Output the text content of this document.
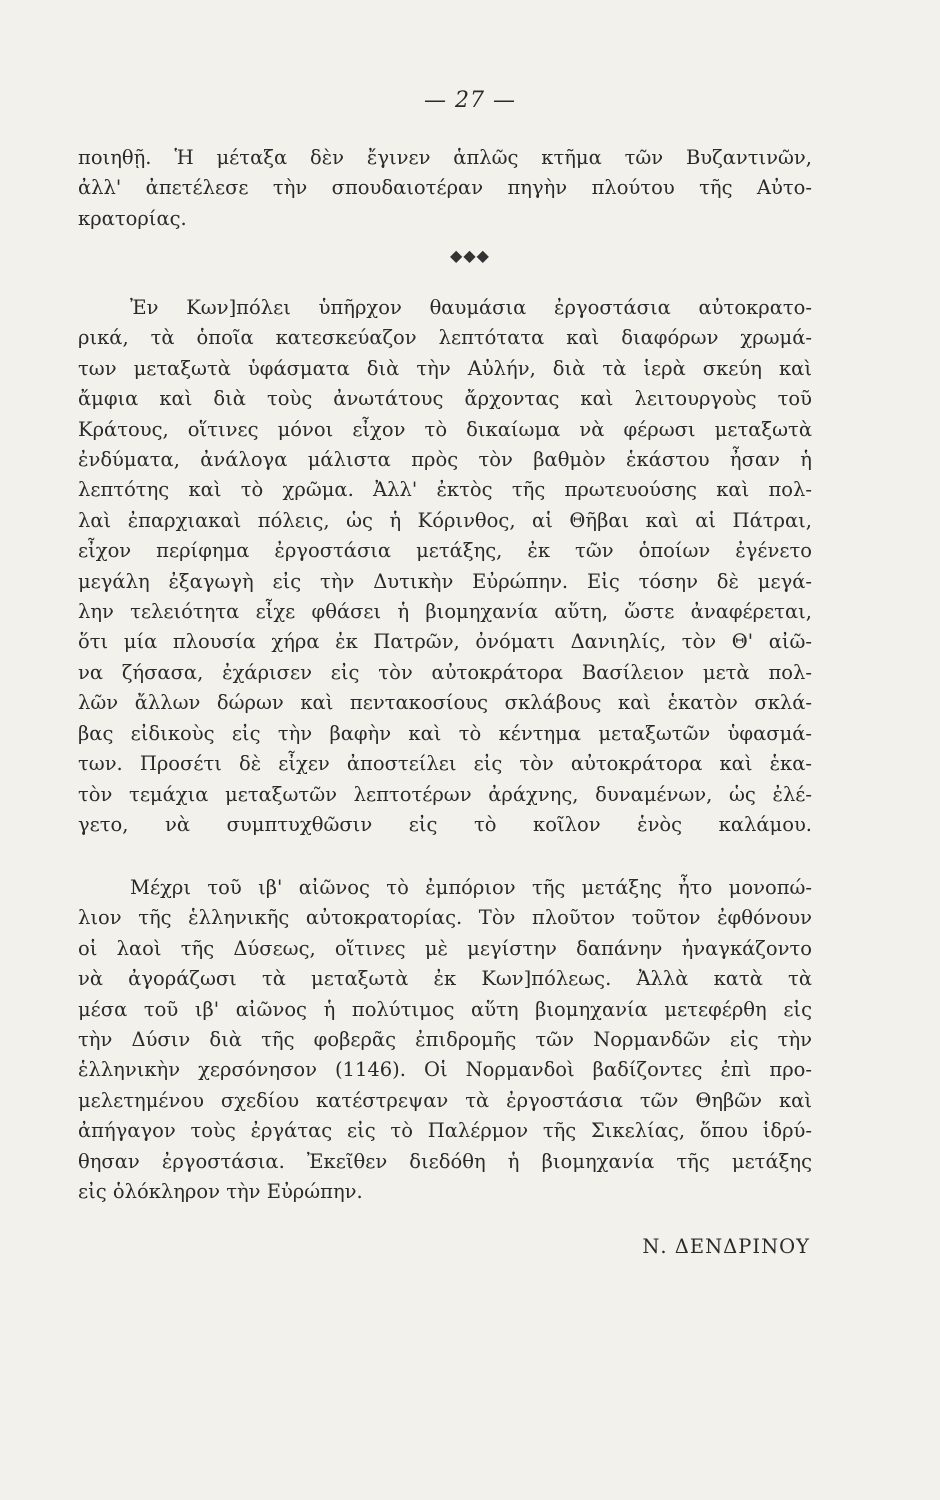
— 27 —
ποιηθῇ. Ἡ μέταξα δὲν ἔγινεν ἁπλῶς κτῆμα τῶν Βυζαντινῶν,
ἀλλ' ἀπετέλεσε τὴν σπουδαιοτέραν πηγὴν πλούτου τῆς Αὐτο-
κρατορίας.
◆◆◆
Ἐν Κων]πόλει ὑπῆρχον θαυμάσια ἐργοστάσια αὐτοκρατο-
ρικά, τὰ ὁποῖα κατεσκεύαζον λεπτότατα καὶ διαφόρων χρωμά-
των μεταξωτὰ ὑφάσματα διὰ τὴν Αὐλήν, διὰ τὰ ἱερὰ σκεύη καὶ
ἄμφια καὶ διὰ τοὺς ἀνωτάτους ἄρχοντας καὶ λειτουργοὺς τοῦ
Κράτους, οἵτινες μόνοι εἶχον τὸ δικαίωμα νὰ φέρωσι μεταξωτὰ
ἐνδύματα, ἀνάλογα μάλιστα πρὸς τὸν βαθμὸν ἑκάστου ἦσαν ἡ
λεπτότης καὶ τὸ χρῶμα. Ἀλλ' ἐκτὸς τῆς πρωτευούσης καὶ πολ-
λαὶ ἐπαρχιακαὶ πόλεις, ὡς ἡ Κόρινθος, αἱ Θῆβαι καὶ αἱ Πάτραι,
εἶχον περίφημα ἐργοστάσια μετάξης, ἐκ τῶν ὁποίων ἐγένετο
μεγάλη ἐξαγωγὴ εἰς τὴν Δυτικὴν Εὐρώπην. Εἰς τόσην δὲ μεγά-
λην τελειότητα εἶχε φθάσει ἡ βιομηχανία αὕτη, ὥστε ἀναφέρεται,
ὅτι μία πλουσία χήρα ἐκ Πατρῶν, ὀνόματι Δανιηλίς, τὸν Θ' αἰῶ-
να ζήσασα, ἐχάρισεν εἰς τὸν αὐτοκράτορα Βασίλειον μετὰ πολ-
λῶν ἄλλων δώρων καὶ πεντακοσίους σκλάβους καὶ ἑκατὸν σκλά-
βας εἰδικοὺς εἰς τὴν βαφὴν καὶ τὸ κέντημα μεταξωτῶν ὑφασμά-
των. Προσέτι δὲ εἶχεν ἀποστείλει εἰς τὸν αὐτοκράτορα καὶ ἑκα-
τὸν τεμάχια μεταξωτῶν λεπτοτέρων ἀράχνης, δυναμένων, ὡς ἐλέ-
γετο, νὰ συμπτυχθῶσιν εἰς τὸ κοῖλον ἑνὸς καλάμου.
Μέχρι τοῦ ιβ' αἰῶνος τὸ ἐμπόριον τῆς μετάξης ἦτο μονοπώ-
λιον τῆς ἑλληνικῆς αὐτοκρατορίας. Τὸν πλοῦτον τοῦτον ἐφθόνουν
οἱ λαοὶ τῆς Δύσεως, οἵτινες μὲ μεγίστην δαπάνην ἠναγκάζοντο
νὰ ἀγοράζωσι τὰ μεταξωτὰ ἐκ Κων]πόλεως. Ἀλλὰ κατὰ τὰ
μέσα τοῦ ιβ' αἰῶνος ἡ πολύτιμος αὕτη βιομηχανία μετεφέρθη εἰς
τὴν Δύσιν διὰ τῆς φοβερᾶς ἐπιδρομῆς τῶν Νορμανδῶν εἰς τὴν
ἑλληνικὴν χερσόνησον (1146). Οἱ Νορμανδοὶ βαδίζοντες ἐπὶ προ-
μελετημένου σχεδίου κατέστρεψαν τὰ ἐργοστάσια τῶν Θηβῶν καὶ
ἀπήγαγον τοὺς ἐργάτας εἰς τὸ Παλέρμον τῆς Σικελίας, ὅπου ἱδρύ-
θησαν ἐργοστάσια. Ἐκεῖθεν διεδόθη ἡ βιομηχανία τῆς μετάξης
εἰς ὁλόκληρον τὴν Εὐρώπην.
Ν. ΔΕΝΔΡΙΝΟΥ
